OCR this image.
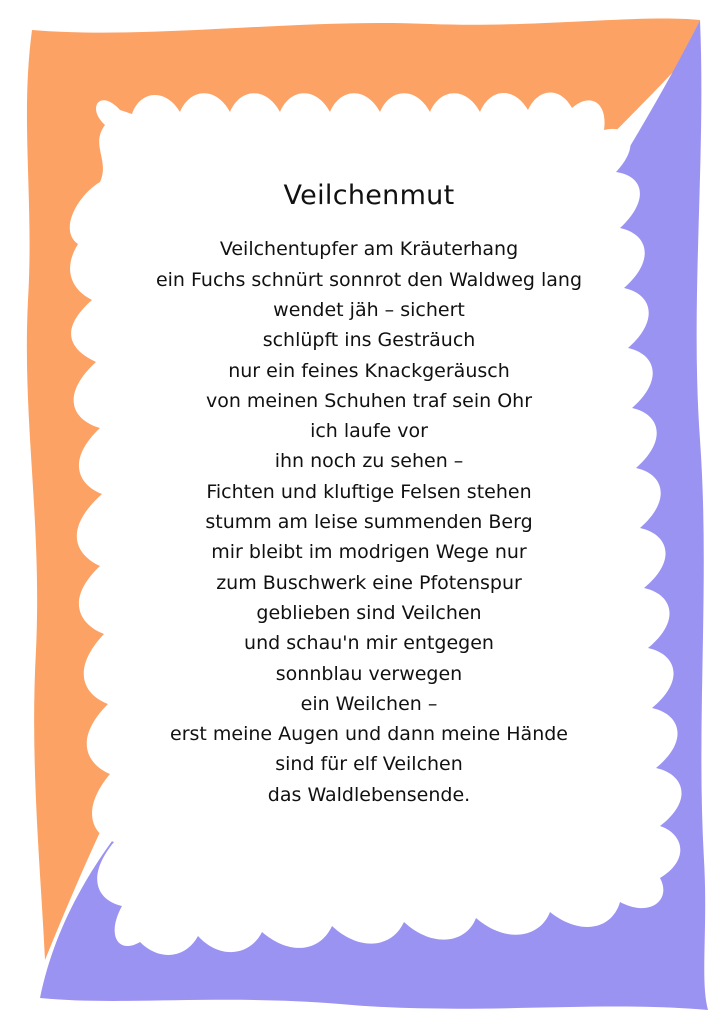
Veilchenmut
Veilchentupfer am Kräuterhang
ein Fuchs schnürt sonnrot den Waldweg lang
wendet jäh – sichert
schlüpft ins Gesträuch
nur ein feines Knackgeräusch
von meinen Schuhen traf sein Ohr
ich laufe vor
ihn noch zu sehen –
Fichten und kluftige Felsen stehen
stumm am leise summenden Berg
mir bleibt im modrigen Wege nur
zum Buschwerk eine Pfotenspur
geblieben sind Veilchen
und schau'n mir entgegen
sonnblau verwegen
ein Weilchen –
erst meine Augen und dann meine Hände
sind für elf Veilchen
das Waldlebensende.
